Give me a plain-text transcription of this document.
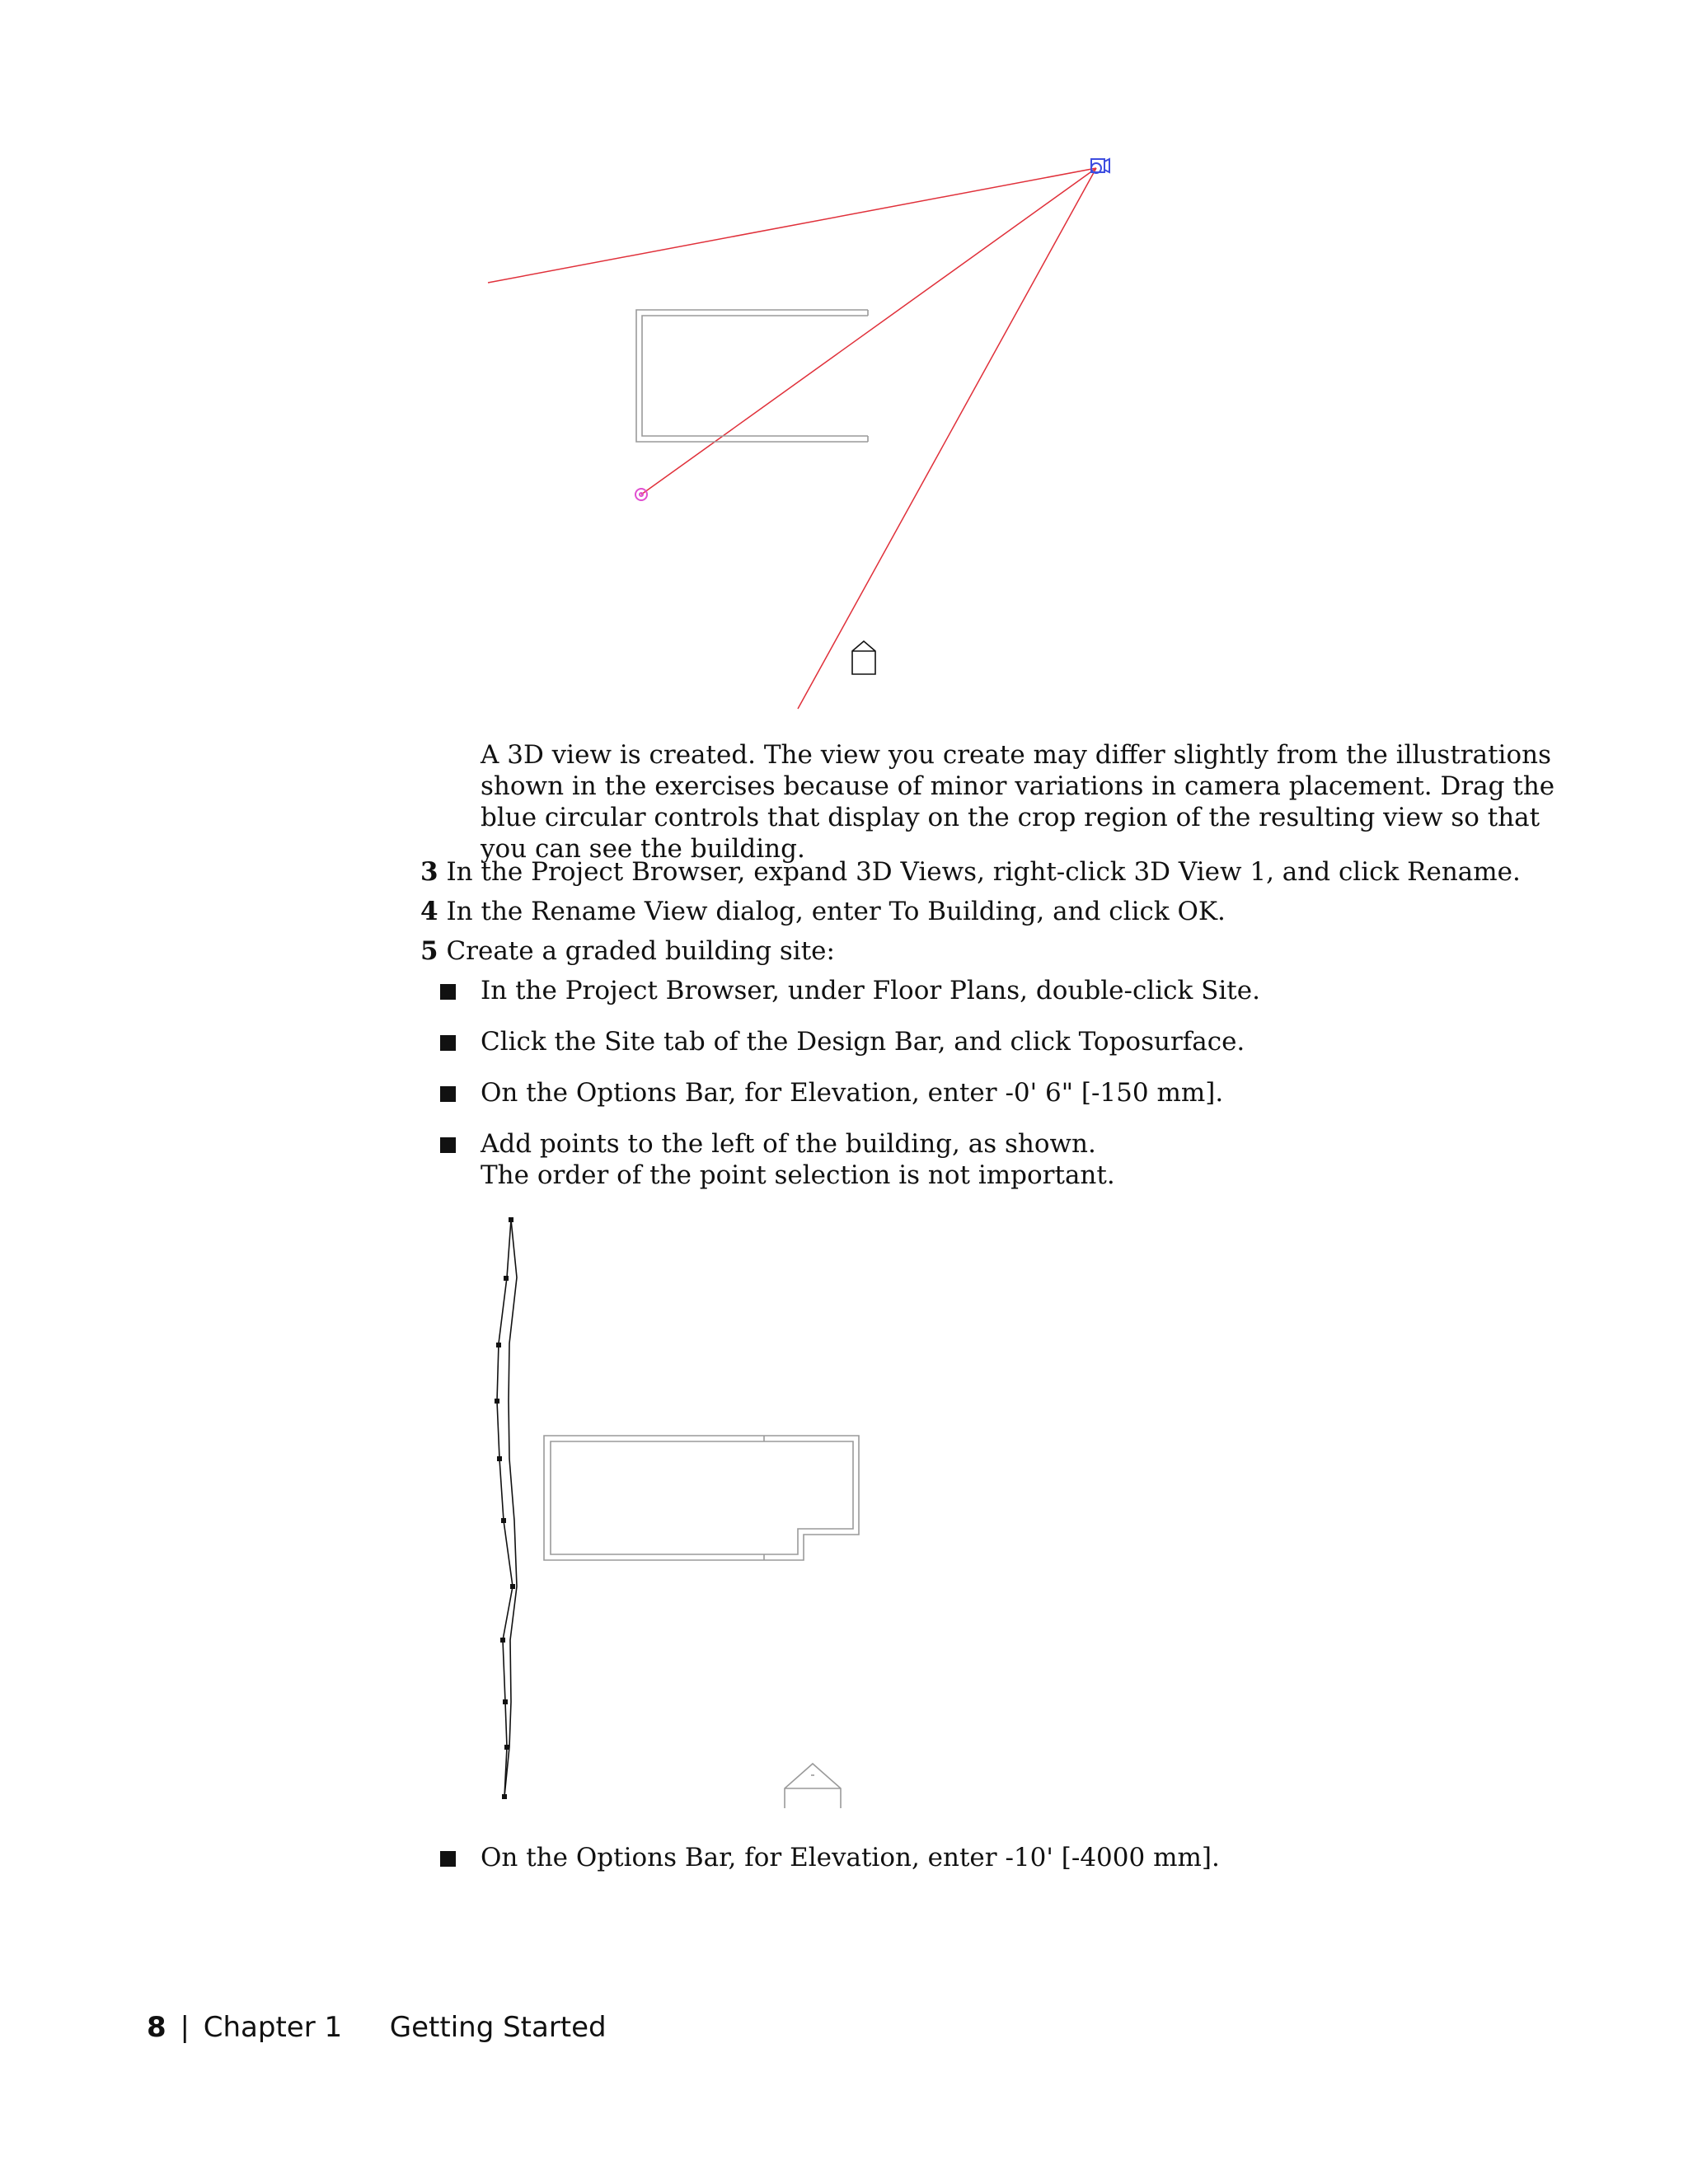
A 3D view is created. The view you create may differ slightly from the illustrations shown in the exercises because of minor variations in camera placement. Drag the blue circular controls that display on the crop region of the resulting view so that you can see the building.

3 In the Project Browser, expand 3D Views, right-click 3D View 1, and click Rename.

4 In the Rename View dialog, enter To Building, and click OK.

5 Create a graded building site:

In the Project Browser, under Floor Plans, double-click Site.
Click the Site tab of the Design Bar, and click Toposurface.
On the Options Bar, for Elevation, enter -0' 6" [-150 mm].
Add points to the left of the building, as shown.
The order of the point selection is not important.
On the Options Bar, for Elevation, enter -10' [-4000 mm].
8 | Chapter 1 Getting Started
